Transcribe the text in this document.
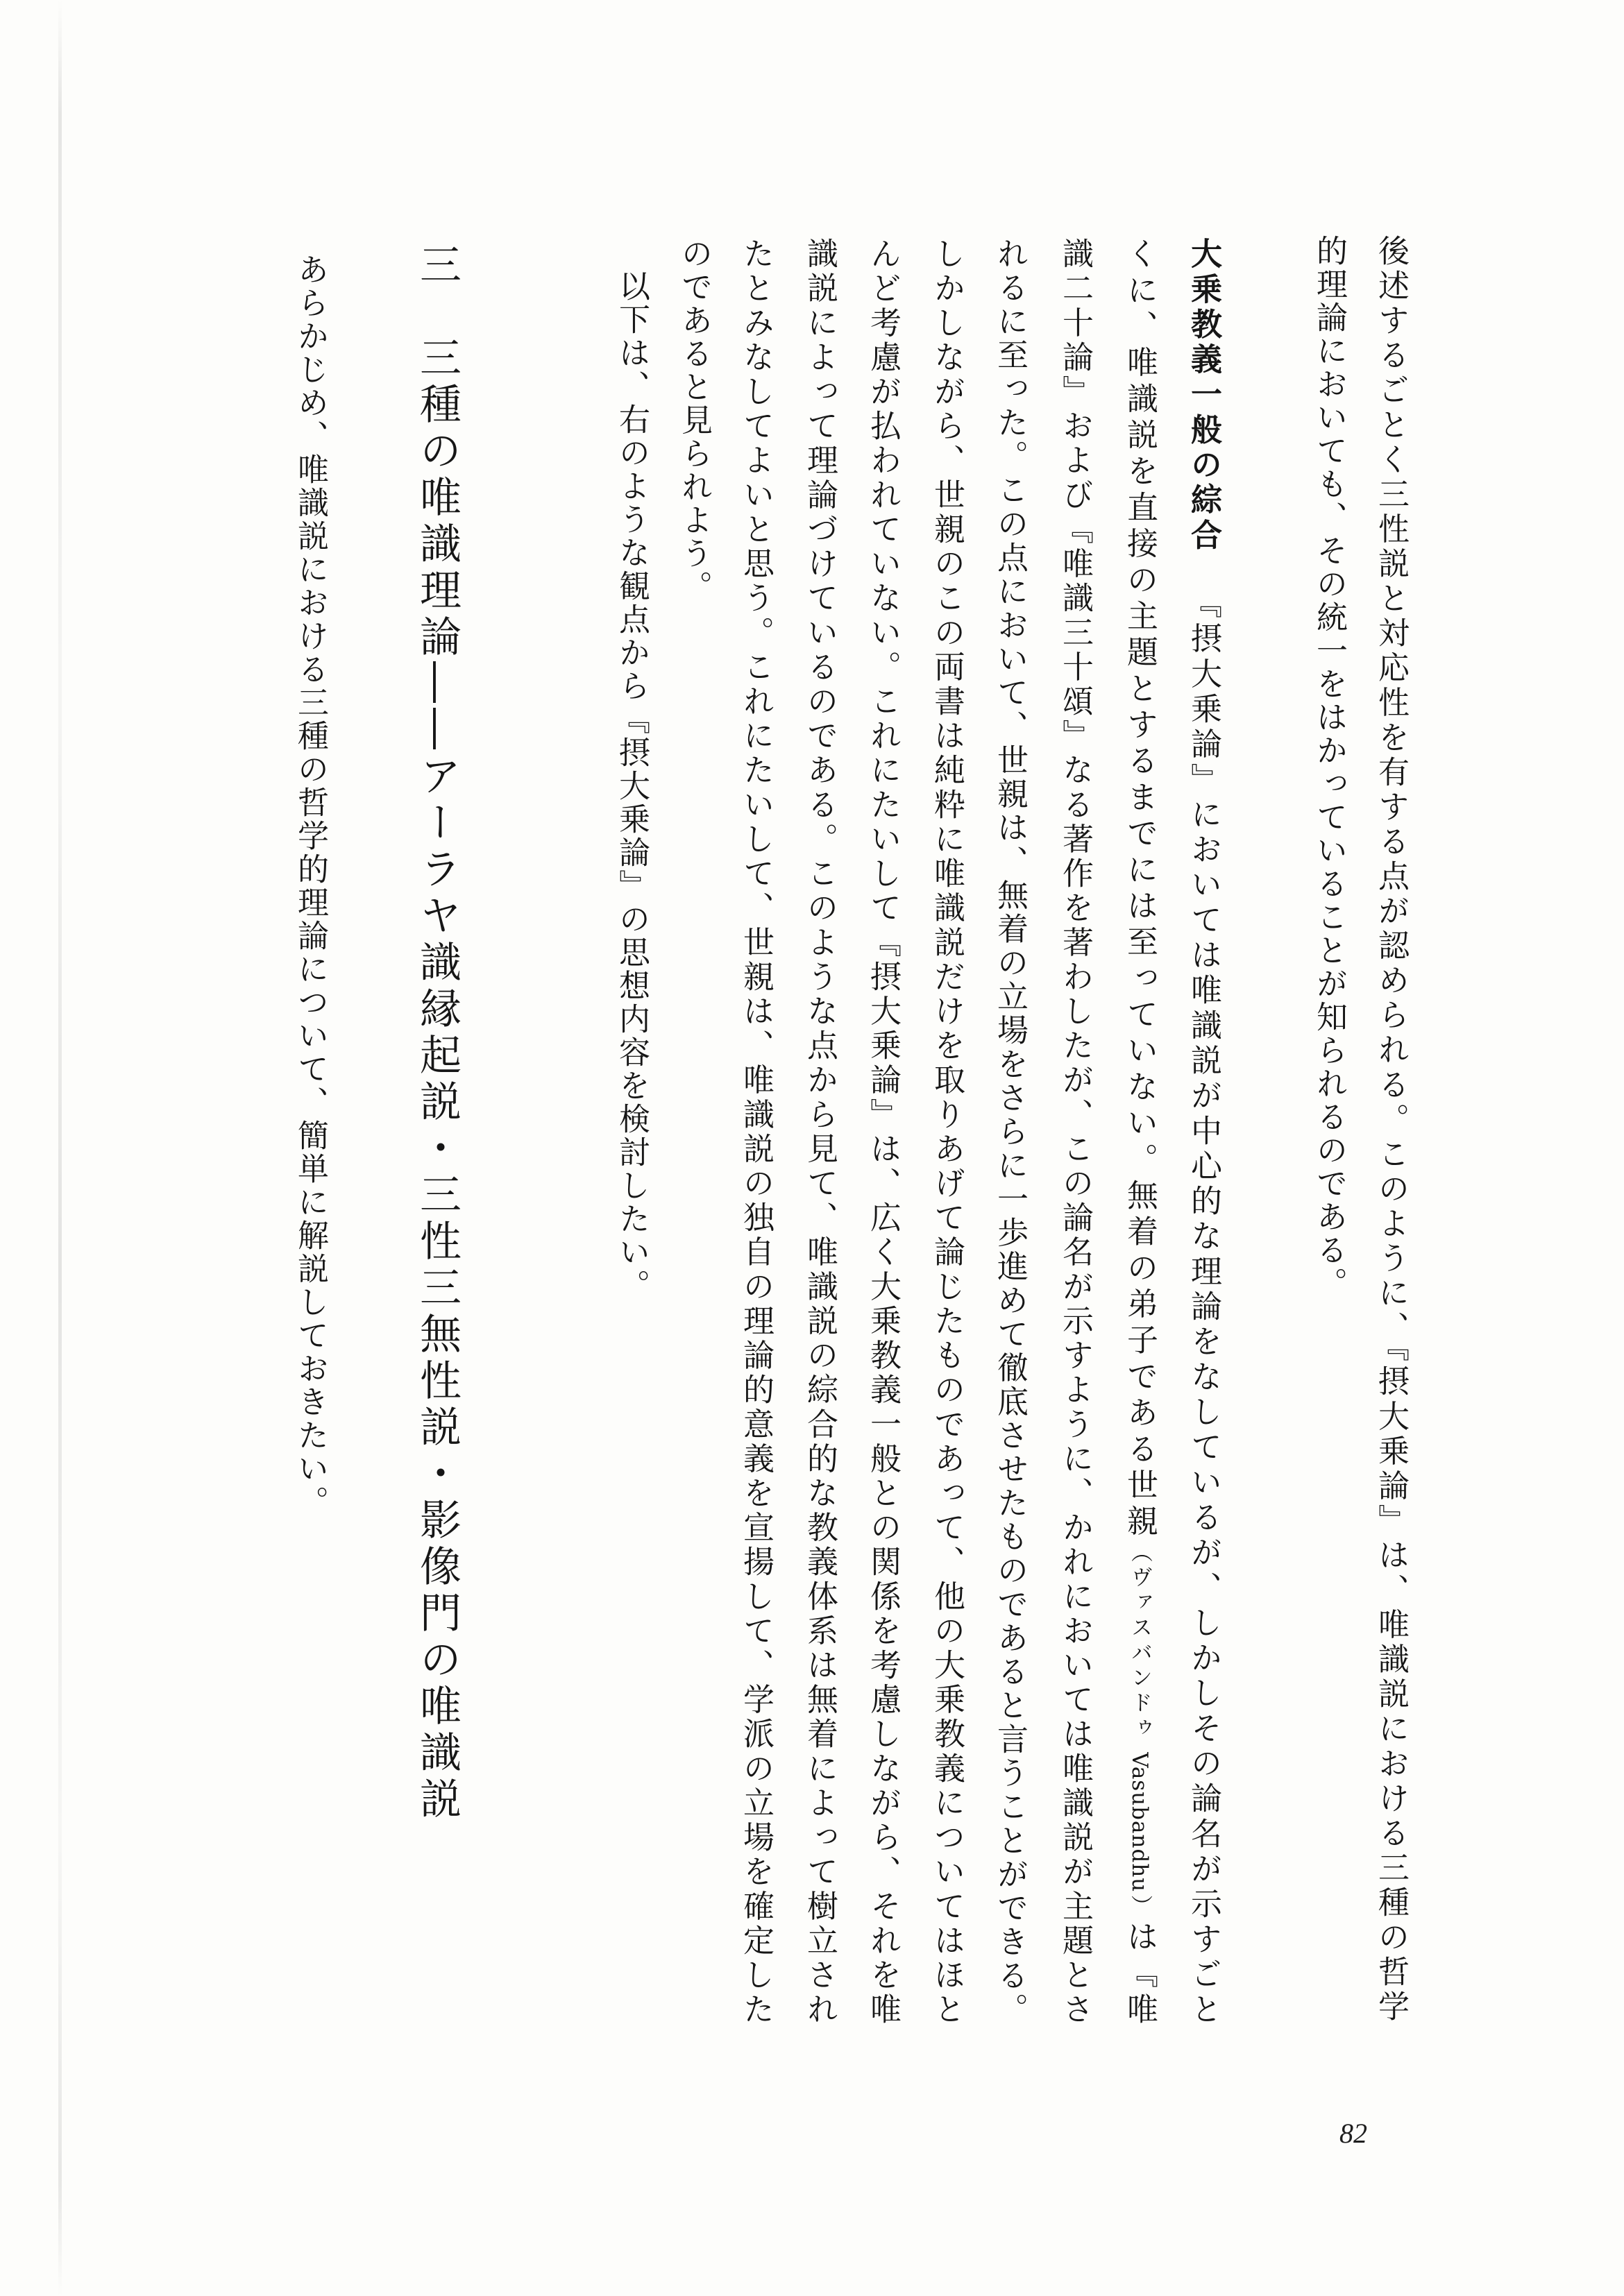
後述するごとく三性説と対応性を有する点が認められる。このように、『摂大乗論』は、唯識説における三種の哲学
的理論においても、その統一をはかっていることが知られるのである。
大乗教義一般の綜合『摂大乗論』においては唯識説が中心的な理論をなしているが、しかしその論名が示すごと
くに、唯識説を直接の主題とするまでには至っていない。無着の弟子である世親（ヴァスバンドゥ Vasubandhu）は『唯
識二十論』および『唯識三十頌』なる著作を著わしたが、この論名が示すように、かれにおいては唯識説が主題とさ
れるに至った。この点において、世親は、無着の立場をさらに一歩進めて徹底させたものであると言うことができる。
しかしながら、世親のこの両書は純粋に唯識説だけを取りあげて論じたものであって、他の大乗教義についてはほと
んど考慮が払われていない。これにたいして『摂大乗論』は、広く大乗教義一般との関係を考慮しながら、それを唯
識説によって理論づけているのである。このような点から見て、唯識説の綜合的な教義体系は無着によって樹立され
たとみなしてよいと思う。これにたいして、世親は、唯識説の独自の理論的意義を宣揚して、学派の立場を確定した
のであると見られよう。
以下は、右のような観点から『摂大乗論』の思想内容を検討したい。
三三種の唯識理論――アーラヤ識縁起説・三性三無性説・影像門の唯識説
あらかじめ、唯識説における三種の哲学的理論について、簡単に解説しておきたい。
82
